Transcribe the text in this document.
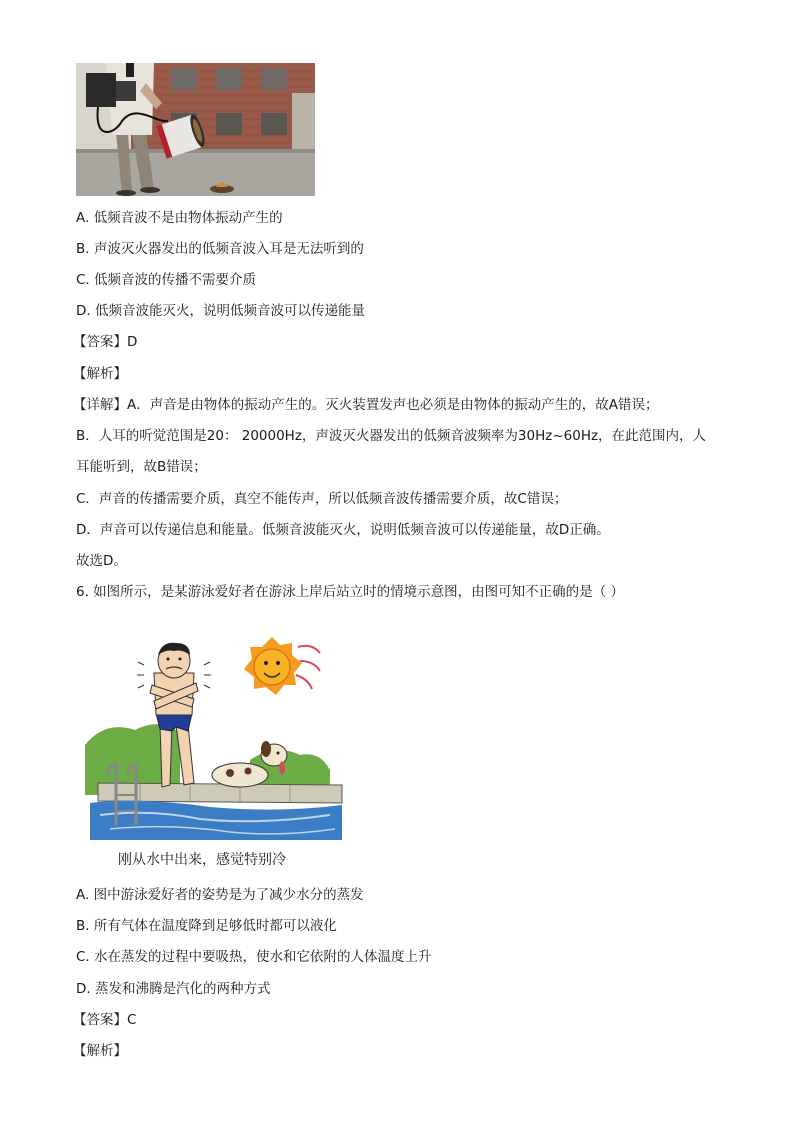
A. 低频音波不是由物体振动产生的
B. 声波灭火器发出的低频音波入耳是无法听到的
C. 低频音波的传播不需要介质
D. 低频音波能灭火，说明低频音波可以传递能量
【答案】D
【解析】
【详解】A．声音是由物体的振动产生的。灭火装置发声也必须是由物体的振动产生的，故A错误；
B．人耳的听觉范围是20： 20000Hz，声波灭火器发出的低频音波频率为30Hz~60Hz，在此范围内，人
耳能听到，故B错误；
C．声音的传播需要介质，真空不能传声，所以低频音波传播需要介质，故C错误；
D．声音可以传递信息和能量。低频音波能灭火，说明低频音波可以传递能量，故D正确。
故选D。
6. 如图所示，是某游泳爱好者在游泳上岸后站立时的情境示意图，由图可知不正确的是（ ）
刚从水中出来，感觉特别冷
A. 图中游泳爱好者的姿势是为了减少水分的蒸发
B. 所有气体在温度降到足够低时都可以液化
C. 水在蒸发的过程中要吸热，使水和它依附的人体温度上升
D. 蒸发和沸腾是汽化的两种方式
【答案】C
【解析】
